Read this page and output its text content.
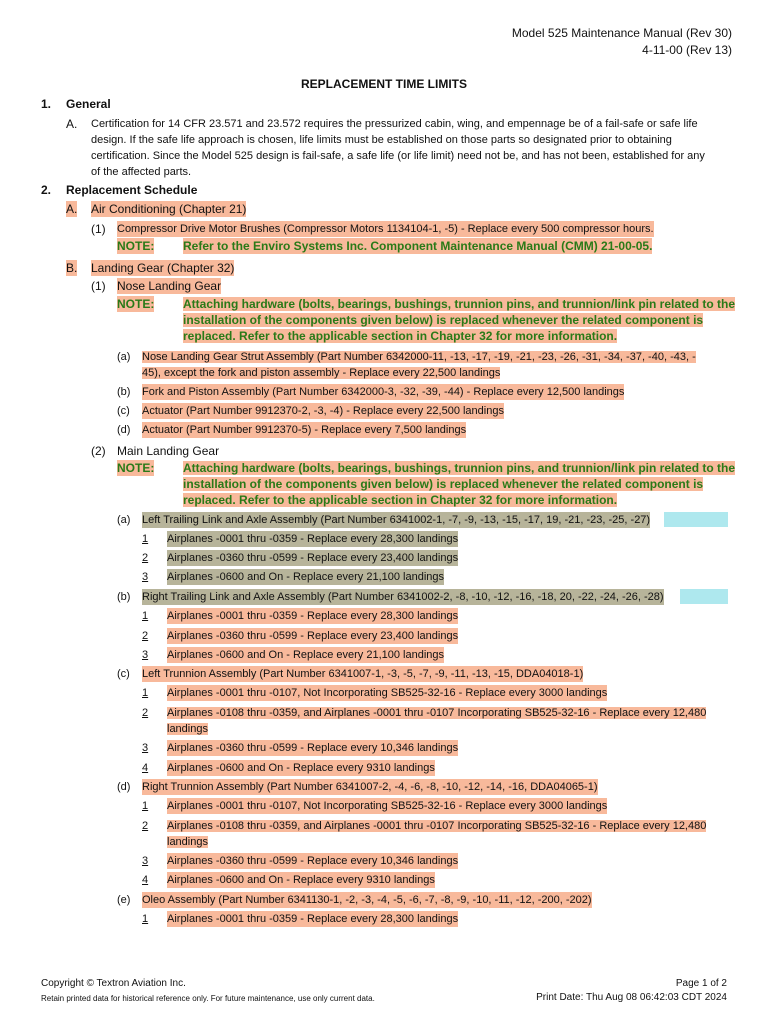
Model 525 Maintenance Manual (Rev 30)
4-11-00 (Rev 13)
REPLACEMENT TIME LIMITS
1. General
A. Certification for 14 CFR 23.571 and 23.572 requires the pressurized cabin, wing, and empennage be of a fail-safe or safe life
design. If the safe life approach is chosen, life limits must be established on those parts so designated prior to obtaining
certification. Since the Model 525 design is fail-safe, a safe life (or life limit) need not be, and has not been, established for any
of the affected parts.
2. Replacement Schedule
A. Air Conditioning (Chapter 21)
(1) Compressor Drive Motor Brushes (Compressor Motors 1134104-1, -5) - Replace every 500 compressor hours.
NOTE: Refer to the Enviro Systems Inc. Component Maintenance Manual (CMM) 21-00-05.
B. Landing Gear (Chapter 32)
(1) Nose Landing Gear
NOTE: Attaching hardware (bolts, bearings, bushings, trunnion pins, and trunnion/link pin related to the
installation of the components given below) is replaced whenever the related component is
replaced. Refer to the applicable section in Chapter 32 for more information.
(a) Nose Landing Gear Strut Assembly (Part Number 6342000-11, -13, -17, -19, -21, -23, -26, -31, -34, -37, -40, -43, -
45), except the fork and piston assembly - Replace every 22,500 landings
(b) Fork and Piston Assembly (Part Number 6342000-3, -32, -39, -44) - Replace every 12,500 landings
(c) Actuator (Part Number 9912370-2, -3, -4) - Replace every 22,500 landings
(d) Actuator (Part Number 9912370-5) - Replace every 7,500 landings
(2) Main Landing Gear
NOTE: Attaching hardware (bolts, bearings, bushings, trunnion pins, and trunnion/link pin related to the
installation of the components given below) is replaced whenever the related component is
replaced. Refer to the applicable section in Chapter 32 for more information.
(a) Left Trailing Link and Axle Assembly (Part Number 6341002-1, -7, -9, -13, -15, -17, 19, -21, -23, -25, -27)
1 Airplanes -0001 thru -0359 - Replace every 28,300 landings
2 Airplanes -0360 thru -0599 - Replace every 23,400 landings
3 Airplanes -0600 and On - Replace every 21,100 landings
(b) Right Trailing Link and Axle Assembly (Part Number 6341002-2, -8, -10, -12, -16, -18, 20, -22, -24, -26, -28)
1 Airplanes -0001 thru -0359 - Replace every 28,300 landings
2 Airplanes -0360 thru -0599 - Replace every 23,400 landings
3 Airplanes -0600 and On - Replace every 21,100 landings
(c) Left Trunnion Assembly (Part Number 6341007-1, -3, -5, -7, -9, -11, -13, -15, DDA04018-1)
1 Airplanes -0001 thru -0107, Not Incorporating SB525-32-16 - Replace every 3000 landings
2 Airplanes -0108 thru -0359, and Airplanes -0001 thru -0107 Incorporating SB525-32-16 - Replace every 12,480
landings
3 Airplanes -0360 thru -0599 - Replace every 10,346 landings
4 Airplanes -0600 and On - Replace every 9310 landings
(d) Right Trunnion Assembly (Part Number 6341007-2, -4, -6, -8, -10, -12, -14, -16, DDA04065-1)
1 Airplanes -0001 thru -0107, Not Incorporating SB525-32-16 - Replace every 3000 landings
2 Airplanes -0108 thru -0359, and Airplanes -0001 thru -0107 Incorporating SB525-32-16 - Replace every 12,480
landings
3 Airplanes -0360 thru -0599 - Replace every 10,346 landings
4 Airplanes -0600 and On - Replace every 9310 landings
(e) Oleo Assembly (Part Number 6341130-1, -2, -3, -4, -5, -6, -7, -8, -9, -10, -11, -12, -200, -202)
1 Airplanes -0001 thru -0359 - Replace every 28,300 landings
Copyright © Textron Aviation Inc.
Retain printed data for historical reference only. For future maintenance, use only current data.
Page 1 of 2
Print Date: Thu Aug 08 06:42:03 CDT 2024
